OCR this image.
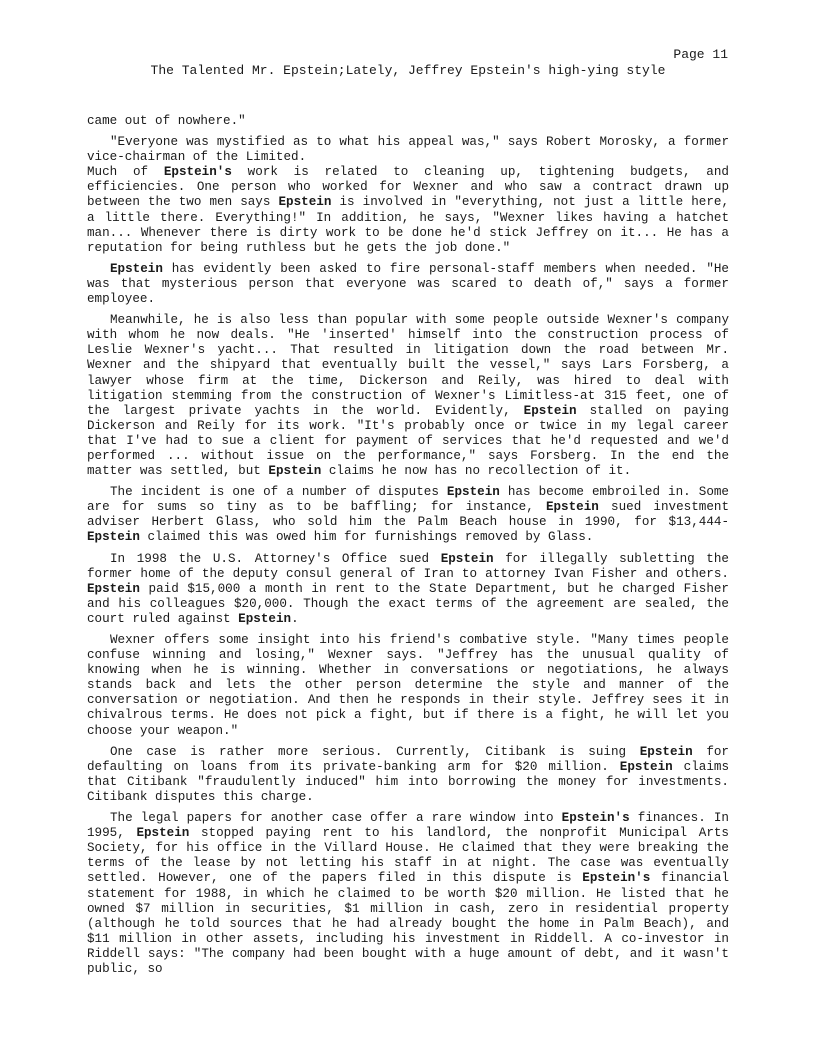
Page 11
The Talented Mr. Epstein;Lately, Jeffrey Epstein's high-ying style

came out of nowhere."

"Everyone was mystified as to what his appeal was," says Robert Morosky, a former vice-chairman of the Limited.

Much of Epstein's work is related to cleaning up, tightening budgets, and efficiencies. One person who worked for Wexner and who saw a contract drawn up between the two men says Epstein is involved in "everything, not just a little here, a little there. Everything!" In addition, he says, "Wexner likes having a hatchet man... Whenever there is dirty work to be done he'd stick Jeffrey on it... He has a reputation for being ruthless but he gets the job done."

Epstein has evidently been asked to fire personal-staff members when needed. "He was that mysterious person that everyone was scared to death of," says a former employee.

Meanwhile, he is also less than popular with some people outside Wexner's company with whom he now deals. "He 'inserted' himself into the construction process of Leslie Wexner's yacht... That resulted in litigation down the road between Mr. Wexner and the shipyard that eventually built the vessel," says Lars Forsberg, a lawyer whose firm at the time, Dickerson and Reily, was hired to deal with litigation stemming from the construction of Wexner's Limitless-at 315 feet, one of the largest private yachts in the world. Evidently, Epstein stalled on paying Dickerson and Reily for its work. "It's probably once or twice in my legal career that I've had to sue a client for payment of services that he'd requested and we'd performed ... without issue on the performance," says Forsberg. In the end the matter was settled, but Epstein claims he now has no recollection of it.

The incident is one of a number of disputes Epstein has become embroiled in. Some are for sums so tiny as to be baffling; for instance, Epstein sued investment adviser Herbert Glass, who sold him the Palm Beach house in 1990, for $13,444-Epstein claimed this was owed him for furnishings removed by Glass.

In 1998 the U.S. Attorney's Office sued Epstein for illegally subletting the former home of the deputy consul general of Iran to attorney Ivan Fisher and others. Epstein paid $15,000 a month in rent to the State Department, but he charged Fisher and his colleagues $20,000. Though the exact terms of the agreement are sealed, the court ruled against Epstein.

Wexner offers some insight into his friend's combative style. "Many times people confuse winning and losing," Wexner says. "Jeffrey has the unusual quality of knowing when he is winning. Whether in conversations or negotiations, he always stands back and lets the other person determine the style and manner of the conversation or negotiation. And then he responds in their style. Jeffrey sees it in chivalrous terms. He does not pick a fight, but if there is a fight, he will let you choose your weapon."

One case is rather more serious. Currently, Citibank is suing Epstein for defaulting on loans from its private-banking arm for $20 million. Epstein claims that Citibank "fraudulently induced" him into borrowing the money for investments. Citibank disputes this charge.

The legal papers for another case offer a rare window into Epstein's finances. In 1995, Epstein stopped paying rent to his landlord, the nonprofit Municipal Arts Society, for his office in the Villard House. He claimed that they were breaking the terms of the lease by not letting his staff in at night. The case was eventually settled. However, one of the papers filed in this dispute is Epstein's financial statement for 1988, in which he claimed to be worth $20 million. He listed that he owned $7 million in securities, $1 million in cash, zero in residential property (although he told sources that he had already bought the home in Palm Beach), and $11 million in other assets, including his investment in Riddell. A co-investor in Riddell says: "The company had been bought with a huge amount of debt, and it wasn't public, so
